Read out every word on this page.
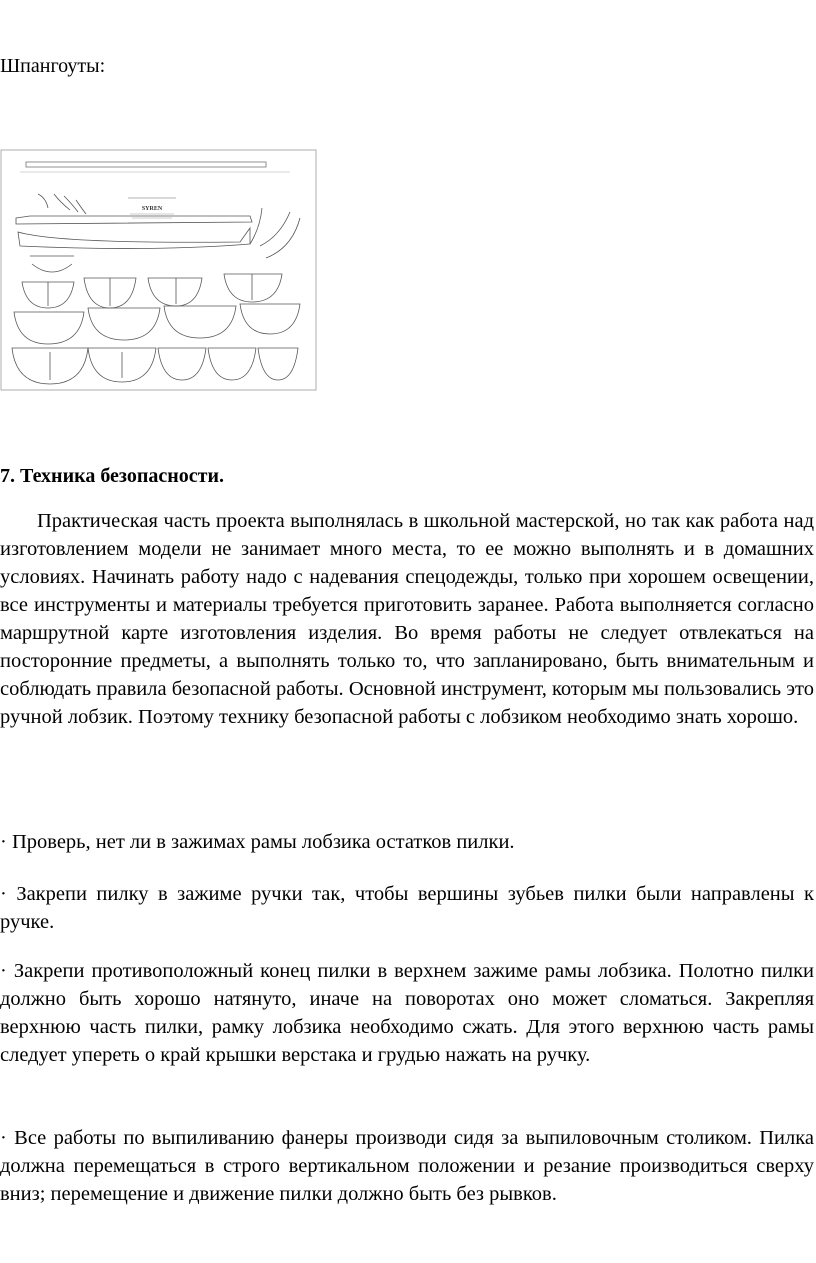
Шпангоуты:
SYREN
7. Техника безопасности.

Практическая часть проекта выполнялась в школьной мастерской, но так как работа над изготовлением модели не занимает много места, то ее можно выполнять и в домашних условиях. Начинать работу надо с надевания спецодежды, только при хорошем освещении, все инструменты и материалы требуется приготовить заранее. Работа выполняется согласно маршрутной карте изготовления изделия. Во время работы не следует отвлекаться на посторонние предметы, а выполнять только то, что запланировано, быть внимательным и соблюдать правила безопасной работы. Основной инструмент, которым мы пользовались это ручной лобзик. Поэтому технику безопасной работы с лобзиком необходимо знать хорошо.

· Проверь, нет ли в зажимах рамы лобзика остатков пилки.

· Закрепи пилку в зажиме ручки так, чтобы вершины зубьев пилки были направлены к ручке.

· Закрепи противоположный конец пилки в верхнем зажиме рамы лобзика. Полотно пилки должно быть хорошо натянуто, иначе на поворотах оно может сломаться. Закрепляя верхнюю часть пилки, рамку лобзика необходимо сжать. Для этого верхнюю часть рамы следует упереть о край крышки верстака и грудью нажать на ручку.

· Все работы по выпиливанию фанеры производи сидя за выпиловочным столиком. Пилка должна перемещаться в строго вертикальном положении и резание производиться сверху вниз; перемещение и движение пилки должно быть без рывков.
